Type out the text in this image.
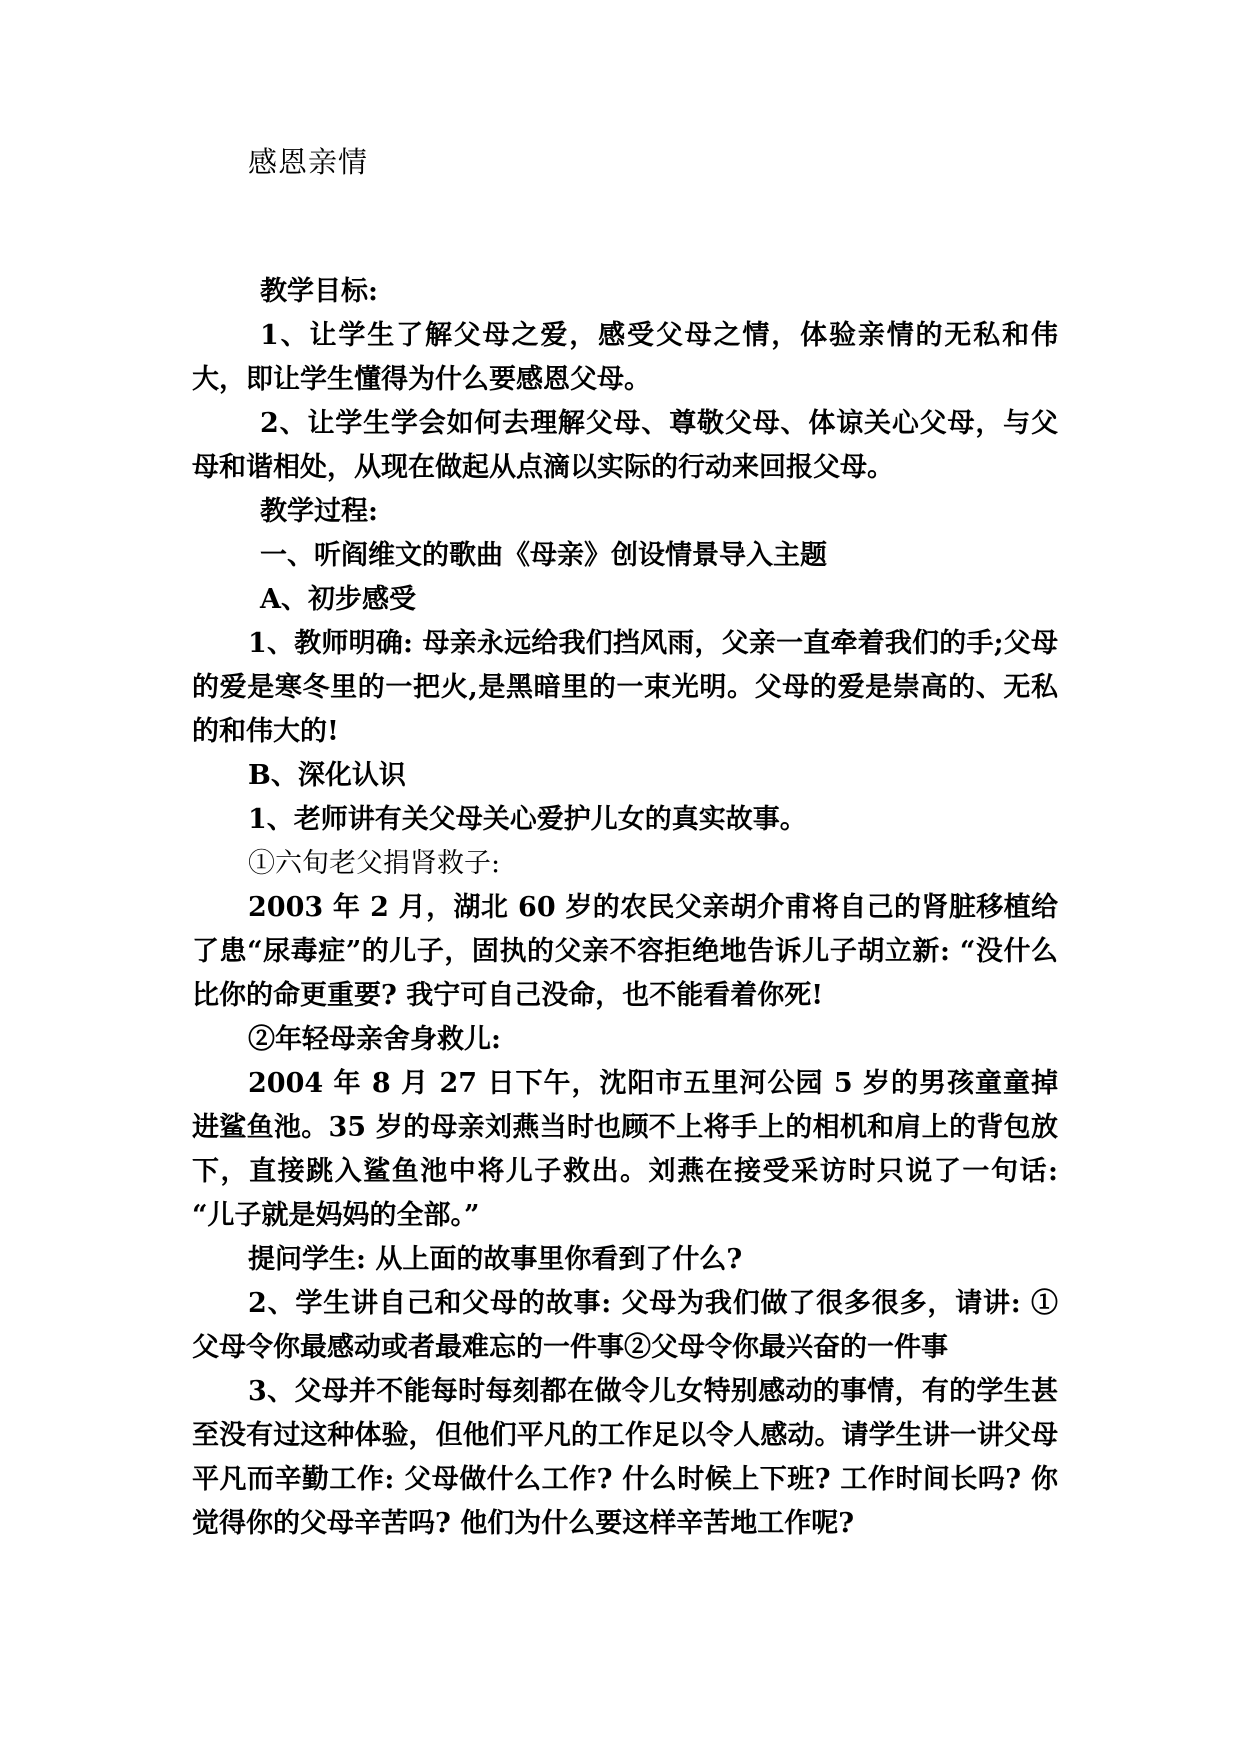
感恩亲情

教学目标:

1、让学生了解父母之爱，感受父母之情，体验亲情的无私和伟大，即让学生懂得为什么要感恩父母。

2、让学生学会如何去理解父母、尊敬父母、体谅关心父母，与父母和谐相处，从现在做起从点滴以实际的行动来回报父母。

教学过程:

一、听阎维文的歌曲《母亲》创设情景导入主题

A、初步感受

1、教师明确: 母亲永远给我们挡风雨，父亲一直牵着我们的手;父母的爱是寒冬里的一把火,是黑暗里的一束光明。父母的爱是崇高的、无私的和伟大的!

B、深化认识

1、老师讲有关父母关心爱护儿女的真实故事。

①六旬老父捐肾救子:

2003 年 2 月，湖北 60 岁的农民父亲胡介甫将自己的肾脏移植给了患“尿毒症”的儿子，固执的父亲不容拒绝地告诉儿子胡立新: “没什么比你的命更重要? 我宁可自己没命，也不能看着你死!

②年轻母亲舍身救儿:

2004 年 8 月 27 日下午，沈阳市五里河公园 5 岁的男孩童童掉进鲨鱼池。35 岁的母亲刘燕当时也顾不上将手上的相机和肩上的背包放下，直接跳入鲨鱼池中将儿子救出。刘燕在接受采访时只说了一句话: “儿子就是妈妈的全部。”

提问学生: 从上面的故事里你看到了什么?

2、学生讲自己和父母的故事: 父母为我们做了很多很多，请讲: ①父母令你最感动或者最难忘的一件事②父母令你最兴奋的一件事

3、父母并不能每时每刻都在做令儿女特别感动的事情，有的学生甚至没有过这种体验，但他们平凡的工作足以令人感动。请学生讲一讲父母平凡而辛勤工作: 父母做什么工作? 什么时候上下班? 工作时间长吗? 你觉得你的父母辛苦吗? 他们为什么要这样辛苦地工作呢?
